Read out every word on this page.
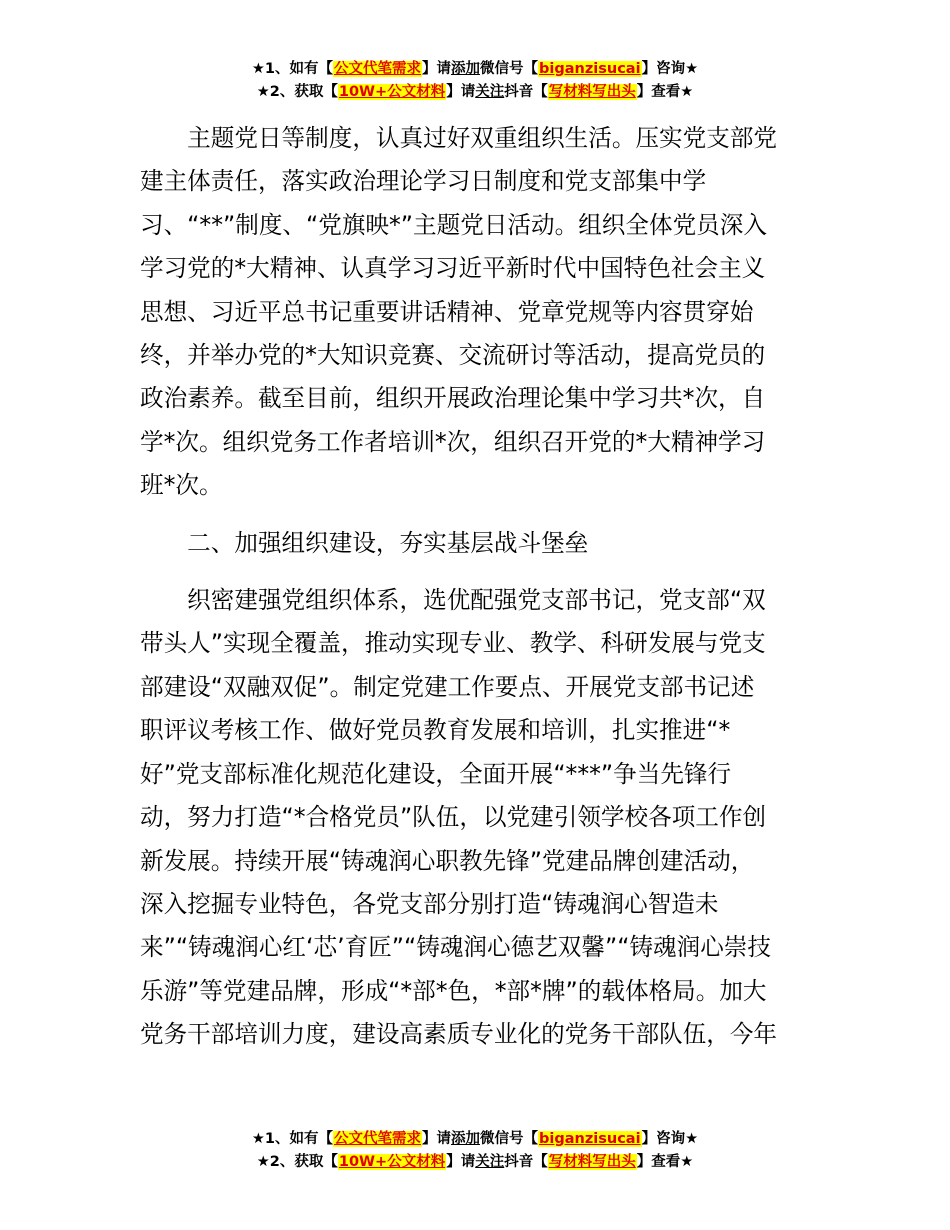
★1、如有【公文代笔需求】请添加微信号【biganzisucai】咨询★
★2、获取【10W+公文材料】请关注抖音【写材料写出头】查看★
　　主题党日等制度，认真过好双重组织生活。压实党支部党
建主体责任，落实政治理论学习日制度和党支部集中学
习、“**”制度、“党旗映*”主题党日活动。组织全体党员深入
学习党的*大精神、认真学习习近平新时代中国特色社会主义
思想、习近平总书记重要讲话精神、党章党规等内容贯穿始
终，并举办党的*大知识竞赛、交流研讨等活动，提高党员的
政治素养。截至目前，组织开展政治理论集中学习共*次，自
学*次。组织党务工作者培训*次，组织召开党的*大精神学习
班*次。
　　二、加强组织建设，夯实基层战斗堡垒
　　织密建强党组织体系，选优配强党支部书记，党支部“双
带头人”实现全覆盖，推动实现专业、教学、科研发展与党支
部建设“双融双促”。制定党建工作要点、开展党支部书记述
职评议考核工作、做好党员教育发展和培训，扎实推进“*
好”党支部标准化规范化建设，全面开展“***”争当先锋行
动，努力打造“*合格党员”队伍，以党建引领学校各项工作创
新发展。持续开展“铸魂润心职教先锋”党建品牌创建活动，
深入挖掘专业特色，各党支部分别打造“铸魂润心智造未
来”“铸魂润心红‘芯’育匠”“铸魂润心德艺双馨”“铸魂润心崇技
乐游”等党建品牌，形成“*部*色，*部*牌”的载体格局。加大
党务干部培训力度，建设高素质专业化的党务干部队伍，今年
★1、如有【公文代笔需求】请添加微信号【biganzisucai】咨询★
★2、获取【10W+公文材料】请关注抖音【写材料写出头】查看★
